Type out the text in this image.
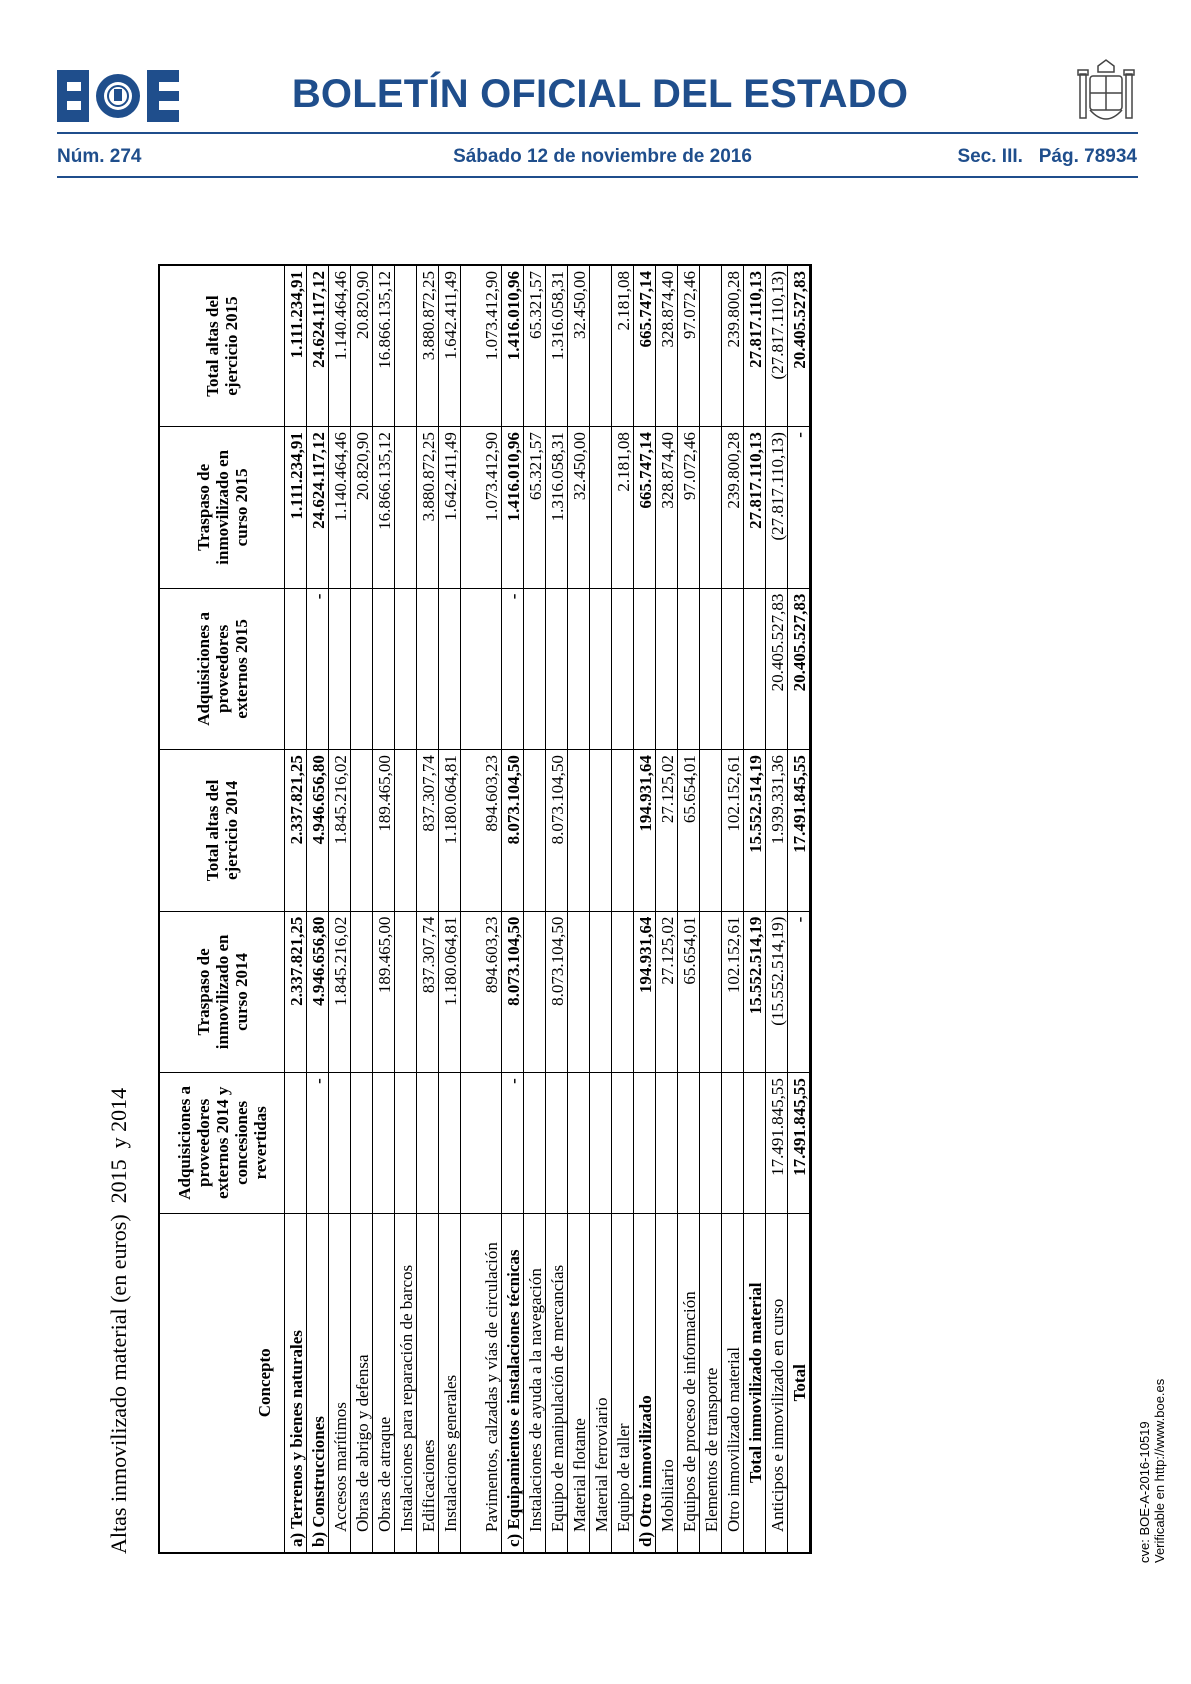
BOLETÍN OFICIAL DEL ESTADO
Núm. 274	Sábado 12 de noviembre de 2016	Sec. III.   Pág. 78934
Altas inmovilizado material (en euros)  2015  y 2014	Concepto	Adquisiciones a proveedores externos 2014 y concesiones revertidas	Traspaso de inmovilizado en curso 2014	Total altas del ejercicio 2014	Adquisiciones a proveedores externos 2015	Traspaso de inmovilizado en curso 2015	Total altas del ejercicio 2015
a) Terrenos y bienes naturales		2.337.821,25	2.337.821,25		1.111.234,91	1.111.234,91
b) Construcciones	-	4.946.656,80	4.946.656,80	-	24.624.117,12	24.624.117,12
Accesos marítimos		1.845.216,02	1.845.216,02		1.140.464,46	1.140.464,46
Obras de abrigo y defensa					20.820,90	20.820,90
Obras de atraque		189.465,00	189.465,00		16.866.135,12	16.866.135,12
Instalaciones para reparación de barcos						
Edificaciones		837.307,74	837.307,74		3.880.872,25	3.880.872,25
Instalaciones generales		1.180.064,81	1.180.064,81		1.642.411,49	1.642.411,49
Pavimentos, calzadas y vías de circulación		894.603,23	894.603,23		1.073.412,90	1.073.412,90
c) Equipamientos e instalaciones técnicas	-	8.073.104,50	8.073.104,50	-	1.416.010,96	1.416.010,96
Instalaciones de ayuda a la navegación					65.321,57	65.321,57
Equipo de manipulación de mercancías		8.073.104,50	8.073.104,50		1.316.058,31	1.316.058,31
Material flotante					32.450,00	32.450,00
Material ferroviario						
Equipo de taller					2.181,08	2.181,08
d) Otro inmovilizado		194.931,64	194.931,64		665.747,14	665.747,14
Mobiliario		27.125,02	27.125,02		328.874,40	328.874,40
Equipos de proceso de información		65.654,01	65.654,01		97.072,46	97.072,46
Elementos de transporte						
Otro inmovilizado material		102.152,61	102.152,61		239.800,28	239.800,28
Total inmovilizado material		15.552.514,19	15.552.514,19		27.817.110,13	27.817.110,13
Anticipos e inmovilizado en curso	17.491.845,55	(15.552.514,19)	1.939.331,36	20.405.527,83	(27.817.110,13)	(27.817.110,13)
Total	17.491.845,55	-	17.491.845,55	20.405.527,83	-	20.405.527,83
cve: BOE-A-2016-10519 Verificable en http://www.boe.es
